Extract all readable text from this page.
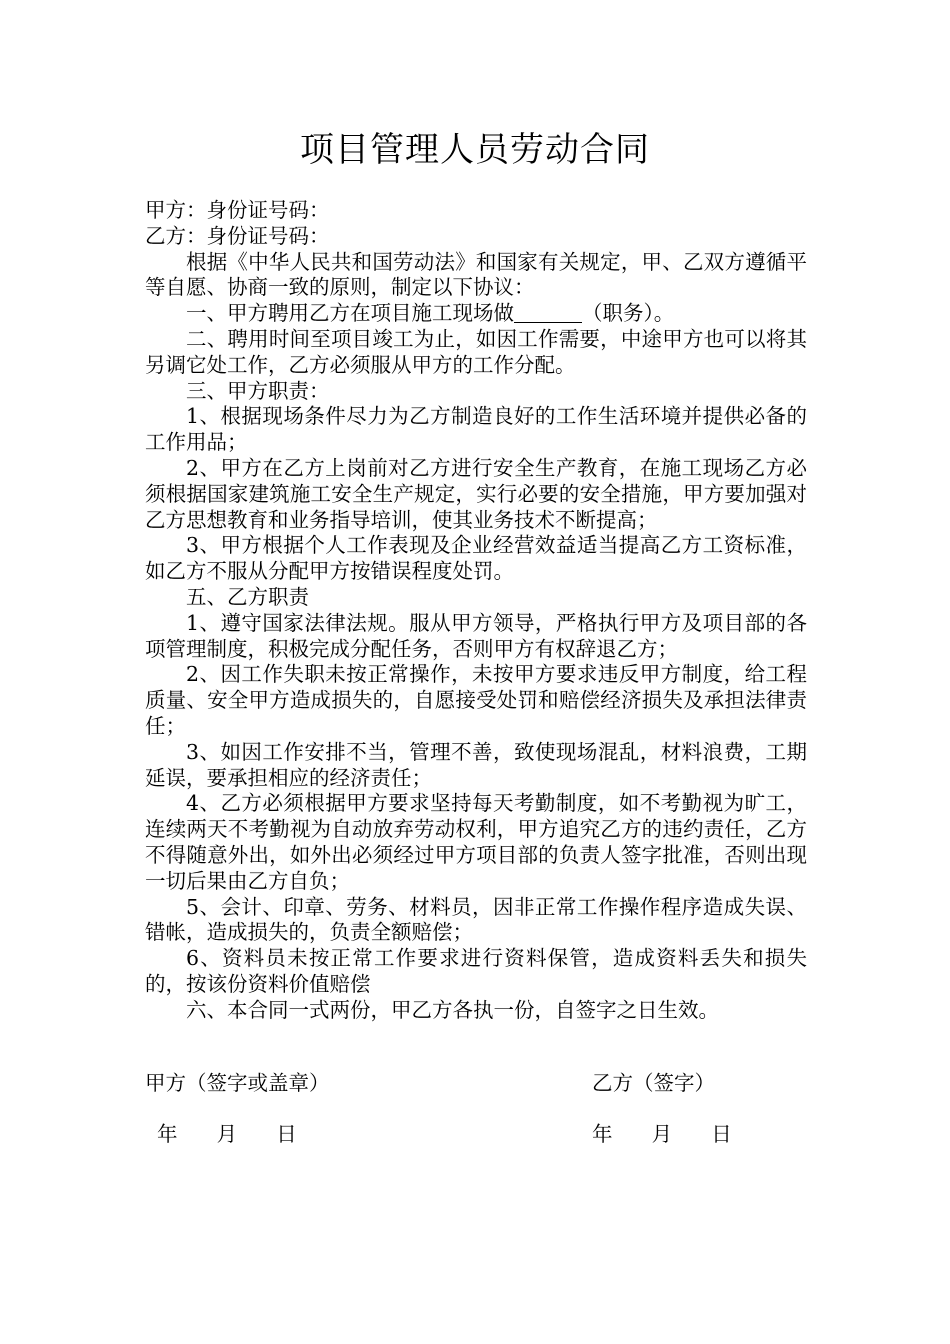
项目管理人员劳动合同

甲方：身份证号码：

乙方：身份证号码：

根据《中华人民共和国劳动法》和国家有关规定，甲、乙双方遵循平等自愿、协商一致的原则，制定以下协议：

一、甲方聘用乙方在项目施工现场做	（职务）。

二、聘用时间至项目竣工为止，如因工作需要，中途甲方也可以将其另调它处工作，乙方必须服从甲方的工作分配。

三、甲方职责：

1、根据现场条件尽力为乙方制造良好的工作生活环境并提供必备的工作用品；

2、甲方在乙方上岗前对乙方进行安全生产教育，在施工现场乙方必须根据国家建筑施工安全生产规定，实行必要的安全措施，甲方要加强对乙方思想教育和业务指导培训，使其业务技术不断提高；

3、甲方根据个人工作表现及企业经营效益适当提高乙方工资标准，如乙方不服从分配甲方按错误程度处罚。

五、乙方职责

1、遵守国家法律法规。服从甲方领导，严格执行甲方及项目部的各项管理制度，积极完成分配任务，否则甲方有权辞退乙方；

2、因工作失职未按正常操作，未按甲方要求违反甲方制度，给工程质量、安全甲方造成损失的，自愿接受处罚和赔偿经济损失及承担法律责任；

3、如因工作安排不当，管理不善，致使现场混乱，材料浪费，工期延误，要承担相应的经济责任；

4、乙方必须根据甲方要求坚持每天考勤制度，如不考勤视为旷工，连续两天不考勤视为自动放弃劳动权利，甲方追究乙方的违约责任，乙方不得随意外出，如外出必须经过甲方项目部的负责人签字批准，否则出现一切后果由乙方自负；

5、会计、印章、劳务、材料员，因非正常工作操作程序造成失误、错帐，造成损失的，负责全额赔偿；

6、资料员未按正常工作要求进行资料保管，造成资料丢失和损失的，按该份资料价值赔偿

六、本合同一式两份，甲乙方各执一份，自签字之日生效。

甲方（签字或盖章）	乙方（签字）
年      月      日	年      月      日
